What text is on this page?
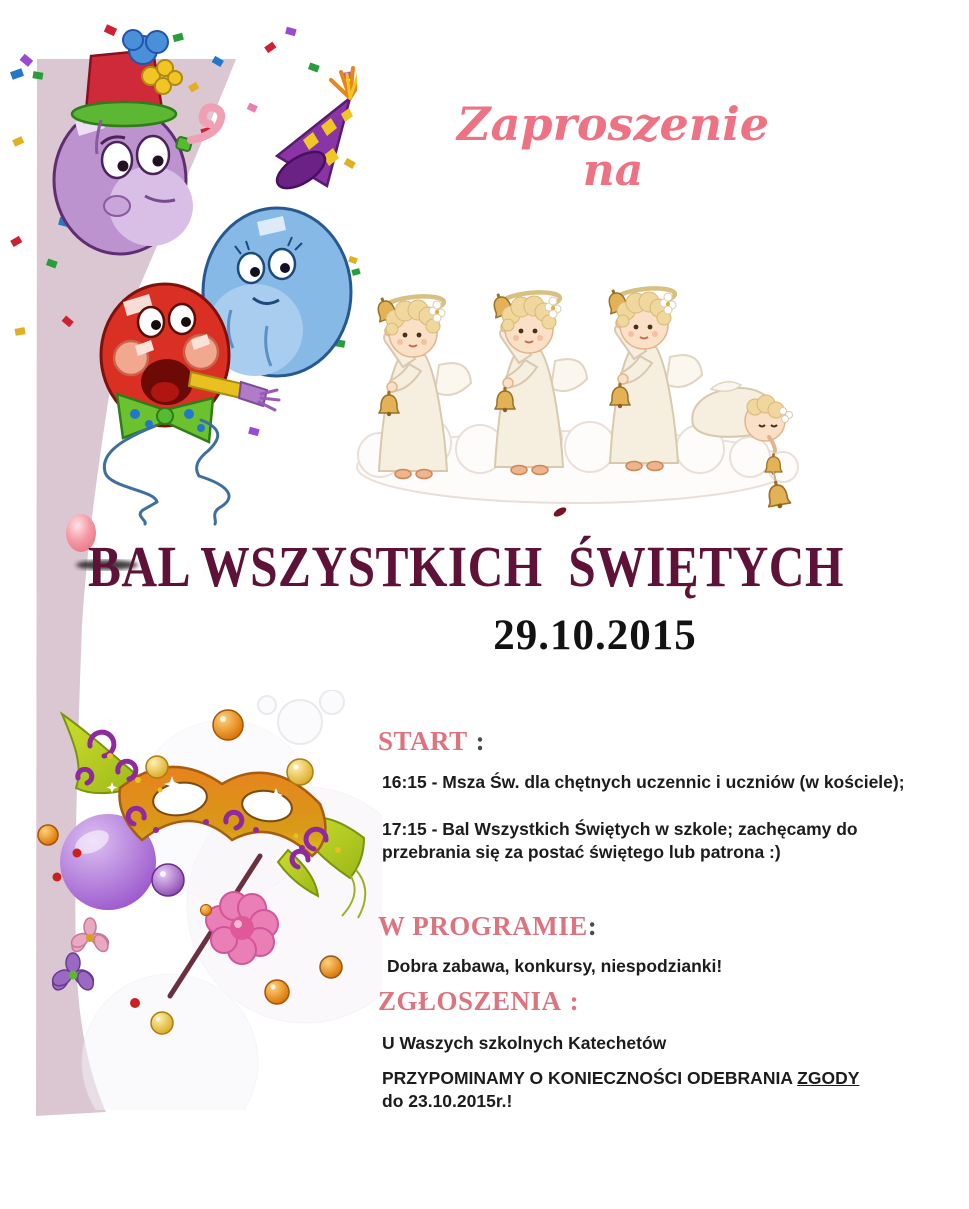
Zaproszenie
na
BAL WSZYSTKICH  ŚWIĘTYCH
29.10.2015
START :

16:15 - Msza Św. dla chętnych uczennic i uczniów (w kościele);

17:15 - Bal Wszystkich Świętych w szkole; zachęcamy do
przebrania się za postać świętego lub patrona :)

W PROGRAMIE:

Dobra zabawa, konkursy, niespodzianki!

ZGŁOSZENIA :

U Waszych szkolnych Katechetów

PRZYPOMINAMY O KONIECZNOŚCI ODEBRANIA ZGODY
do 23.10.2015r.!
